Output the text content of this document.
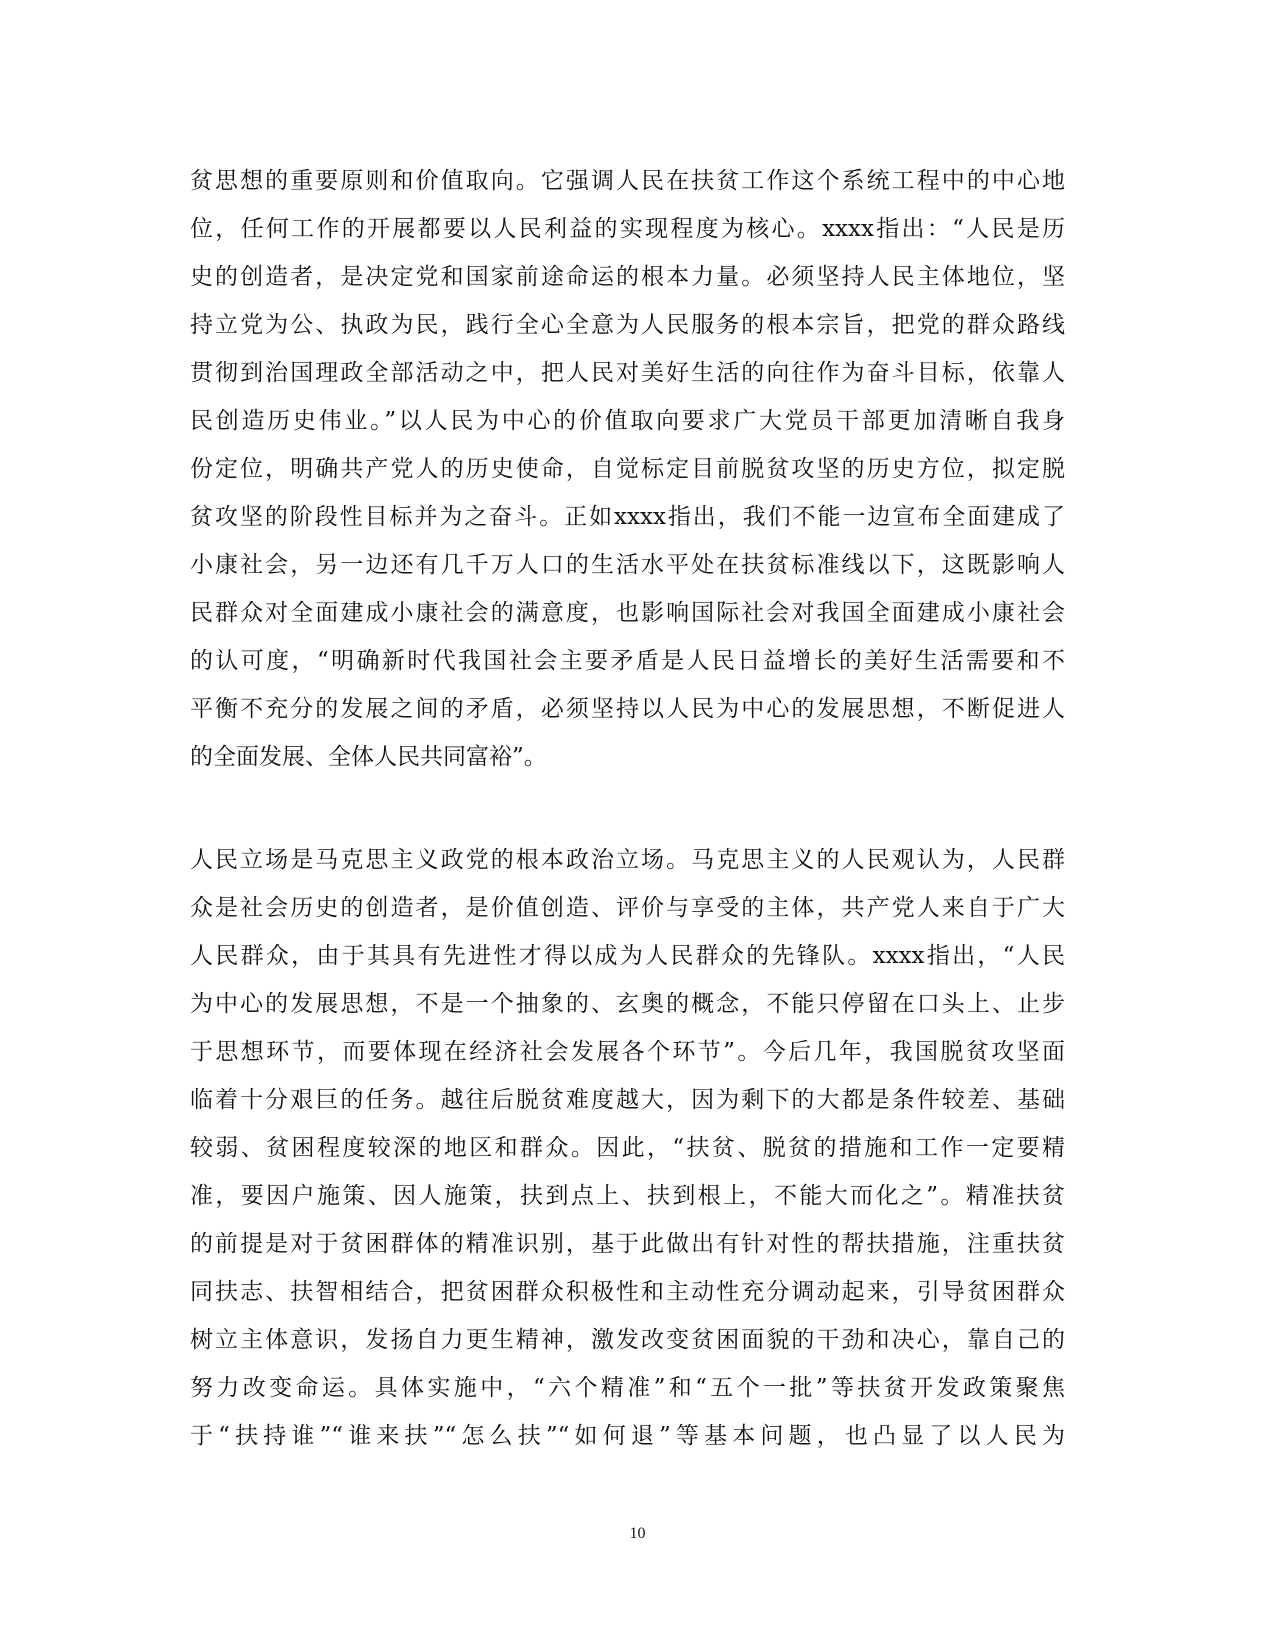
贫思想的重要原则和价值取向。它强调人民在扶贫工作这个系统工程中的中心地
位，任何工作的开展都要以人民利益的实现程度为核心。xxxx指出：“人民是历
史的创造者，是决定党和国家前途命运的根本力量。必须坚持人民主体地位，坚
持立党为公、执政为民，践行全心全意为人民服务的根本宗旨，把党的群众路线
贯彻到治国理政全部活动之中，把人民对美好生活的向往作为奋斗目标，依靠人
民创造历史伟业。”以人民为中心的价值取向要求广大党员干部更加清晰自我身
份定位，明确共产党人的历史使命，自觉标定目前脱贫攻坚的历史方位，拟定脱
贫攻坚的阶段性目标并为之奋斗。正如xxxx指出，我们不能一边宣布全面建成了
小康社会，另一边还有几千万人口的生活水平处在扶贫标准线以下，这既影响人
民群众对全面建成小康社会的满意度，也影响国际社会对我国全面建成小康社会
的认可度，“明确新时代我国社会主要矛盾是人民日益增长的美好生活需要和不
平衡不充分的发展之间的矛盾，必须坚持以人民为中心的发展思想，不断促进人
的全面发展、全体人民共同富裕”。
人民立场是马克思主义政党的根本政治立场。马克思主义的人民观认为，人民群
众是社会历史的创造者，是价值创造、评价与享受的主体，共产党人来自于广大
人民群众，由于其具有先进性才得以成为人民群众的先锋队。xxxx指出，“人民
为中心的发展思想，不是一个抽象的、玄奥的概念，不能只停留在口头上、止步
于思想环节，而要体现在经济社会发展各个环节”。今后几年，我国脱贫攻坚面
临着十分艰巨的任务。越往后脱贫难度越大，因为剩下的大都是条件较差、基础
较弱、贫困程度较深的地区和群众。因此，“扶贫、脱贫的措施和工作一定要精
准，要因户施策、因人施策，扶到点上、扶到根上，不能大而化之”。精准扶贫
的前提是对于贫困群体的精准识别，基于此做出有针对性的帮扶措施，注重扶贫
同扶志、扶智相结合，把贫困群众积极性和主动性充分调动起来，引导贫困群众
树立主体意识，发扬自力更生精神，激发改变贫困面貌的干劲和决心，靠自己的
努力改变命运。具体实施中，“六个精准”和“五个一批”等扶贫开发政策聚焦
于“扶持谁”“谁来扶”“怎么扶”“如何退”等基本问题，也凸显了以人民为
10
